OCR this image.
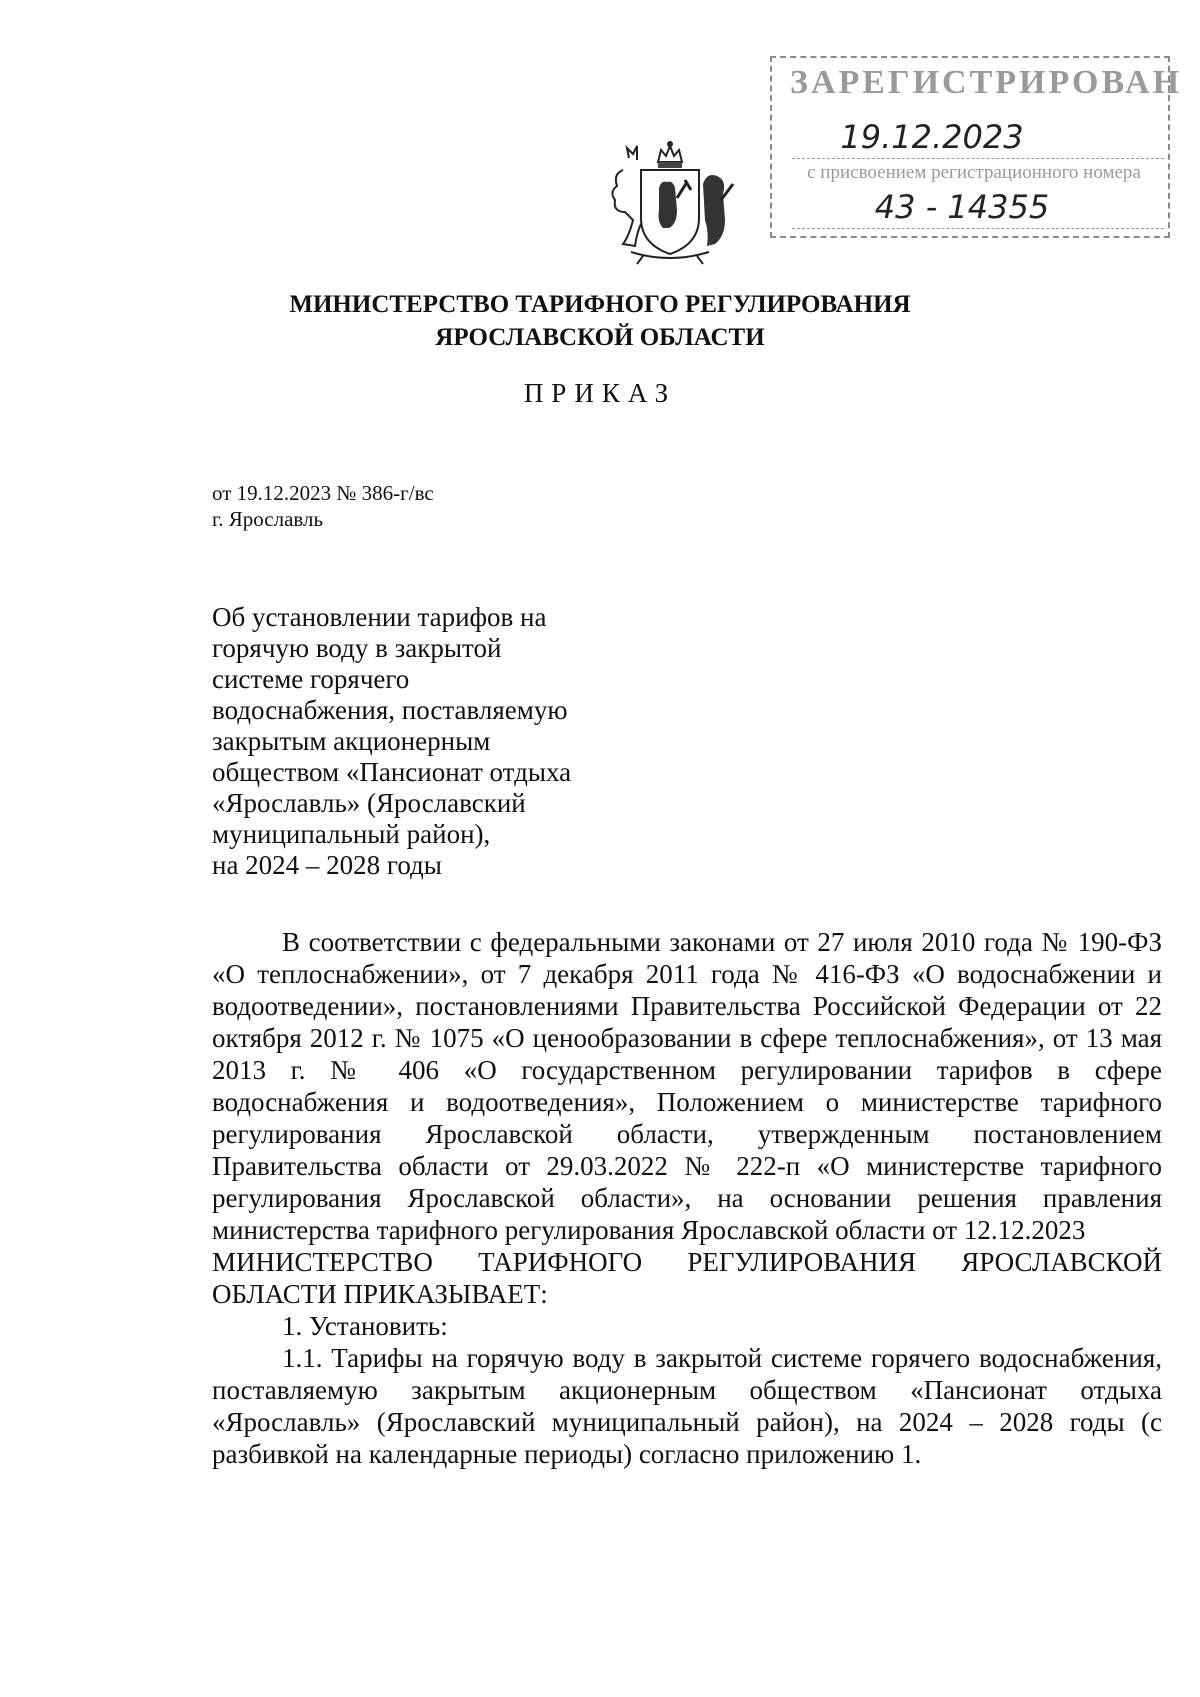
ЗАРЕГИСТРИРОВАН
19.12.2023
с присвоением регистрационного номера
43 - 14355
МИНИСТЕРСТВО ТАРИФНОГО РЕГУЛИРОВАНИЯ
ЯРОСЛАВСКОЙ ОБЛАСТИ
ПРИКАЗ
от 19.12.2023 № 386-г/вс
г. Ярославль
Об установлении тарифов на
горячую воду в закрытой
системе горячего
водоснабжения, поставляемую
закрытым акционерным
обществом «Пансионат отдыха
«Ярославль» (Ярославский
муниципальный район),
на 2024 – 2028 годы

В соответствии с федеральными законами от 27 июля 2010 года № 190-ФЗ «О теплоснабжении», от 7 декабря 2011 года № 416-ФЗ «О водоснабжении и водоотведении», постановлениями Правительства Российской Федерации от 22 октября 2012 г. № 1075 «О ценообразовании в сфере теплоснабжения», от 13 мая 2013 г. № 406 «О государственном регулировании тарифов в сфере водоснабжения и водоотведения», Положением о министерстве тарифного регулирования Ярославской области, утвержденным постановлением Правительства области от 29.03.2022 № 222-п «О министерстве тарифного регулирования Ярославской области», на основании решения правления министерства тарифного регулирования Ярославской области от 12.12.2023

МИНИСТЕРСТВО ТАРИФНОГО РЕГУЛИРОВАНИЯ ЯРОСЛАВСКОЙ ОБЛАСТИ ПРИКАЗЫВАЕТ:

1. Установить:

1.1. Тарифы на горячую воду в закрытой системе горячего водоснабжения, поставляемую закрытым акционерным обществом «Пансионат отдыха «Ярославль» (Ярославский муниципальный район), на 2024 – 2028 годы (с разбивкой на календарные периоды) согласно приложению 1.
